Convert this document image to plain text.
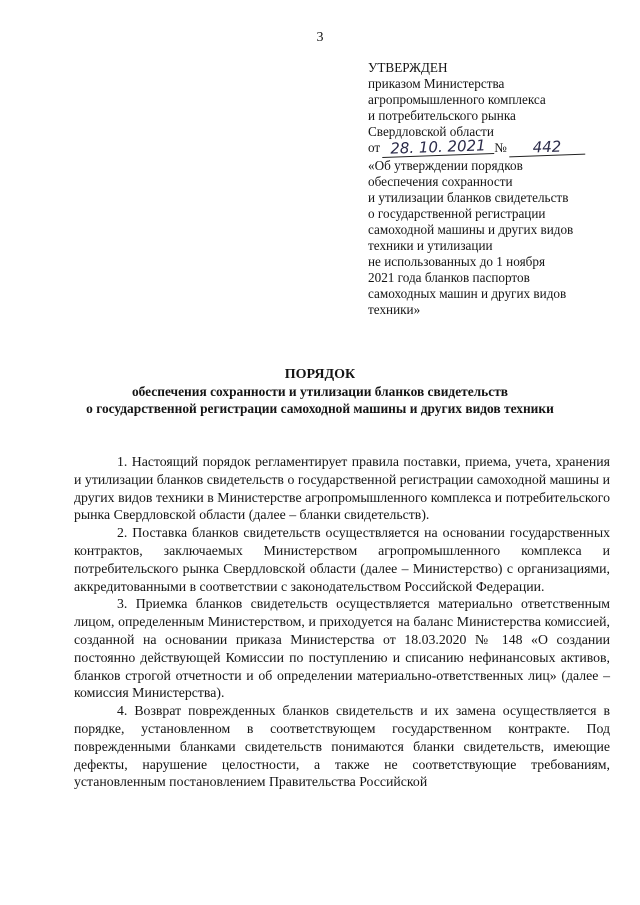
3
УТВЕРЖДЕН
приказом Министерства
агропромышленного комплекса
и потребительского рынка
Свердловской области
от 28. 10. 2021 № 442
«Об утверждении порядков
обеспечения сохранности
и утилизации бланков свидетельств
о государственной регистрации
самоходной машины и других видов
техники и утилизации
не использованных до 1 ноября
2021 года бланков паспортов
самоходных машин и других видов
техники»
ПОРЯДОК
обеспечения сохранности и утилизации бланков свидетельств
о государственной регистрации самоходной машины и других видов техники

1. Настоящий порядок регламентирует правила поставки, приема, учета, хранения и утилизации бланков свидетельств о государственной регистрации самоходной машины и других видов техники в Министерстве агропромышленного комплекса и потребительского рынка Свердловской области (далее – бланки свидетельств).

2. Поставка бланков свидетельств осуществляется на основании государственных контрактов, заключаемых Министерством агропромышленного комплекса и потребительского рынка Свердловской области (далее – Министерство) с организациями, аккредитованными в соответствии с законодательством Российской Федерации.

3. Приемка бланков свидетельств осуществляется материально ответственным лицом, определенным Министерством, и приходуется на баланс Министерства комиссией, созданной на основании приказа Министерства от 18.03.2020 № 148 «О создании постоянно действующей Комиссии по поступлению и списанию нефинансовых активов, бланков строгой отчетности и об определении материально-ответственных лиц» (далее – комиссия Министерства).

4. Возврат поврежденных бланков свидетельств и их замена осуществляется в порядке, установленном в соответствующем государственном контракте. Под поврежденными бланками свидетельств понимаются бланки свидетельств, имеющие дефекты, нарушение целостности, а также не соответствующие требованиям, установленным постановлением Правительства Российской
